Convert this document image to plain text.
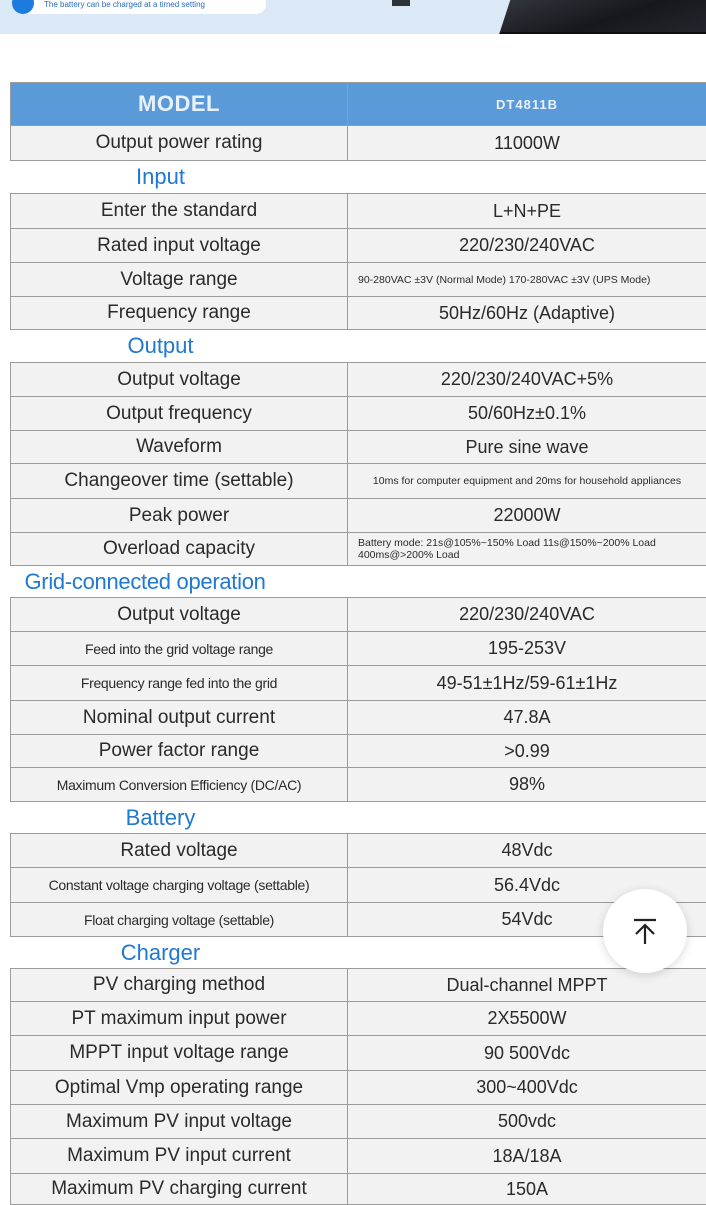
The battery can be charged at a timed setting
MODEL	DT4811B
Output power rating	11000W
Input	
Enter the standard	L+N+PE
Rated input voltage	220/230/240VAC
Voltage range	90-280VAC ±3V (Normal Mode) 170-280VAC ±3V (UPS Mode)
Frequency range	50Hz/60Hz (Adaptive)
Output	
Output voltage	220/230/240VAC+5%
Output frequency	50/60Hz±0.1%
Waveform	Pure sine wave
Changeover time (settable)	10ms for computer equipment and 20ms for household appliances
Peak power	22000W
Overload capacity	Battery mode: 21s@105%~150% Load 11s@150%~200% Load 400ms@>200% Load
Grid-connected operation	
Output voltage	220/230/240VAC
Feed into the grid voltage range	195-253V
Frequency range fed into the grid	49-51±1Hz/59-61±1Hz
Nominal output current	47.8A
Power factor range	>0.99
Maximum Conversion Efficiency (DC/AC)	98%
Battery	
Rated voltage	48Vdc
Constant voltage charging voltage (settable)	56.4Vdc
Float charging voltage (settable)	54Vdc
Charger	
PV charging method	Dual-channel MPPT
PT maximum input power	2X5500W
MPPT input voltage range	90 500Vdc
Optimal Vmp operating range	300~400Vdc
Maximum PV input voltage	500vdc
Maximum PV input current	18A/18A
Maximum PV charging current	150A
